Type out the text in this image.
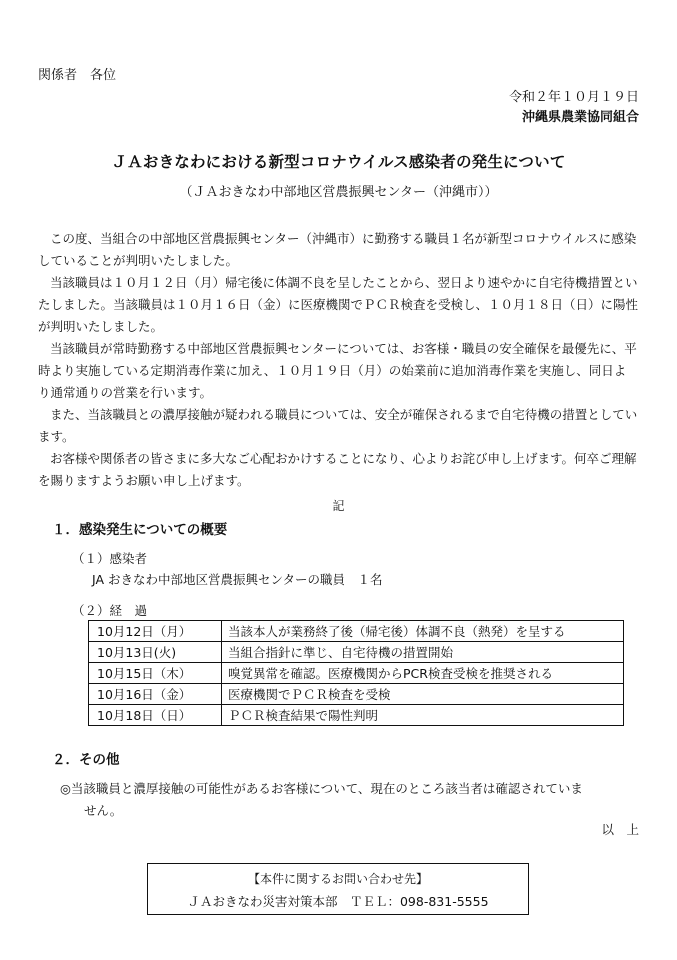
関係者　各位
令和２年１０月１９日
沖縄県農業協同組合
ＪＡおきなわにおける新型コロナウイルス感染者の発生について
（ＪＡおきなわ中部地区営農振興センター（沖縄市））

この度、当組合の中部地区営農振興センター（沖縄市）に勤務する職員１名が新型コロナウイルスに感染していることが判明いたしました。

当該職員は１０月１２日（月）帰宅後に体調不良を呈したことから、翌日より速やかに自宅待機措置といたしました。当該職員は１０月１６日（金）に医療機関でＰＣＲ検査を受検し、１０月１８日（日）に陽性が判明いたしました。

当該職員が常時勤務する中部地区営農振興センターについては、お客様・職員の安全確保を最優先に、平時より実施している定期消毒作業に加え、１０月１９日（月）の始業前に追加消毒作業を実施し、同日より通常通りの営業を行います。

また、当該職員との濃厚接触が疑われる職員については、安全が確保されるまで自宅待機の措置としています。

お客様や関係者の皆さまに多大なご心配おかけすることになり、心よりお詫び申し上げます。何卒ご理解を賜りますようお願い申し上げます。

記
１．感染発生についての概要
（１）感染者
JA おきなわ中部地区営農振興センターの職員　１名
（２）経　過
10月12日（月）	当該本人が業務終了後（帰宅後）体調不良（熱発）を呈する
10月13日(火)	当組合指針に準じ、自宅待機の措置開始
10月15日（木）	嗅覚異常を確認。医療機関からPCR検査受検を推奨される
10月16日（金）	医療機関でＰＣＲ検査を受検
10月18日（日）	ＰＣＲ検査結果で陽性判明
２．その他
◎当該職員と濃厚接触の可能性があるお客様について、現在のところ該当者は確認されていま
せん。
以　上
【本件に関するお問い合わせ先】
ＪＡおきなわ災害対策本部　ＴＥＬ：098-831-5555
